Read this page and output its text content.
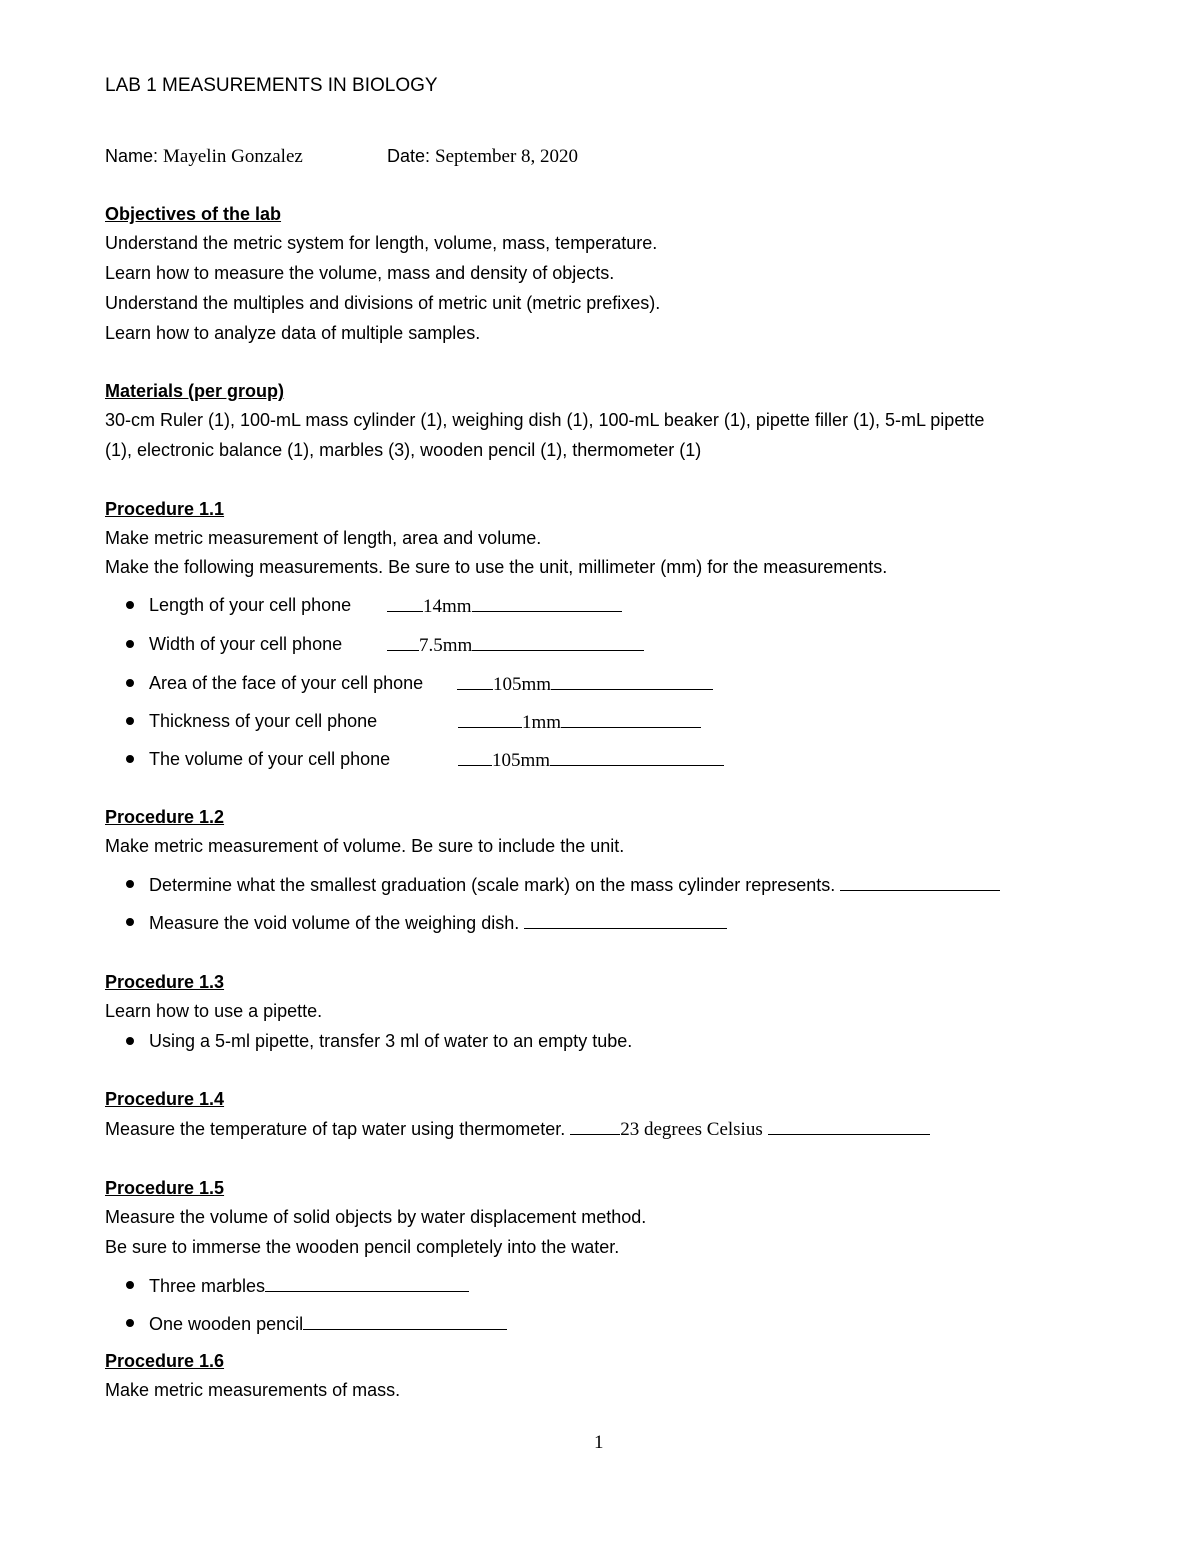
LAB 1 MEASUREMENTS IN BIOLOGY
Name: Mayelin Gonzalez	Date: September 8, 2020
Objectives of the lab
Understand the metric system for length, volume, mass, temperature.
Learn how to measure the volume, mass and density of objects.
Understand the multiples and divisions of metric unit (metric prefixes).
Learn how to analyze data of multiple samples.
Materials (per group)
30-cm Ruler (1), 100-mL mass cylinder (1), weighing dish (1), 100-mL beaker (1), pipette filler (1), 5-mL pipette
(1), electronic balance (1), marbles (3), wooden pencil (1), thermometer (1)
Procedure 1.1
Make metric measurement of length, area and volume.
Make the following measurements. Be sure to use the unit, millimeter (mm) for the measurements.
Length of your cell phone	14mm
Width of your cell phone	7.5mm
Area of the face of your cell phone	105mm
Thickness of your cell phone	1mm
The volume of your cell phone	105mm
Procedure 1.2
Make metric measurement of volume. Be sure to include the unit.
Determine what the smallest graduation (scale mark) on the mass cylinder represents.
Measure the void volume of the weighing dish.
Procedure 1.3
Learn how to use a pipette.
Using a 5-ml pipette, transfer 3 ml of water to an empty tube.
Procedure 1.4
Measure the temperature of tap water using thermometer.	23 degrees Celsius
Procedure 1.5
Measure the volume of solid objects by water displacement method.
Be sure to immerse the wooden pencil completely into the water.
Three marbles
One wooden pencil
Procedure 1.6
Make metric measurements of mass.
1
